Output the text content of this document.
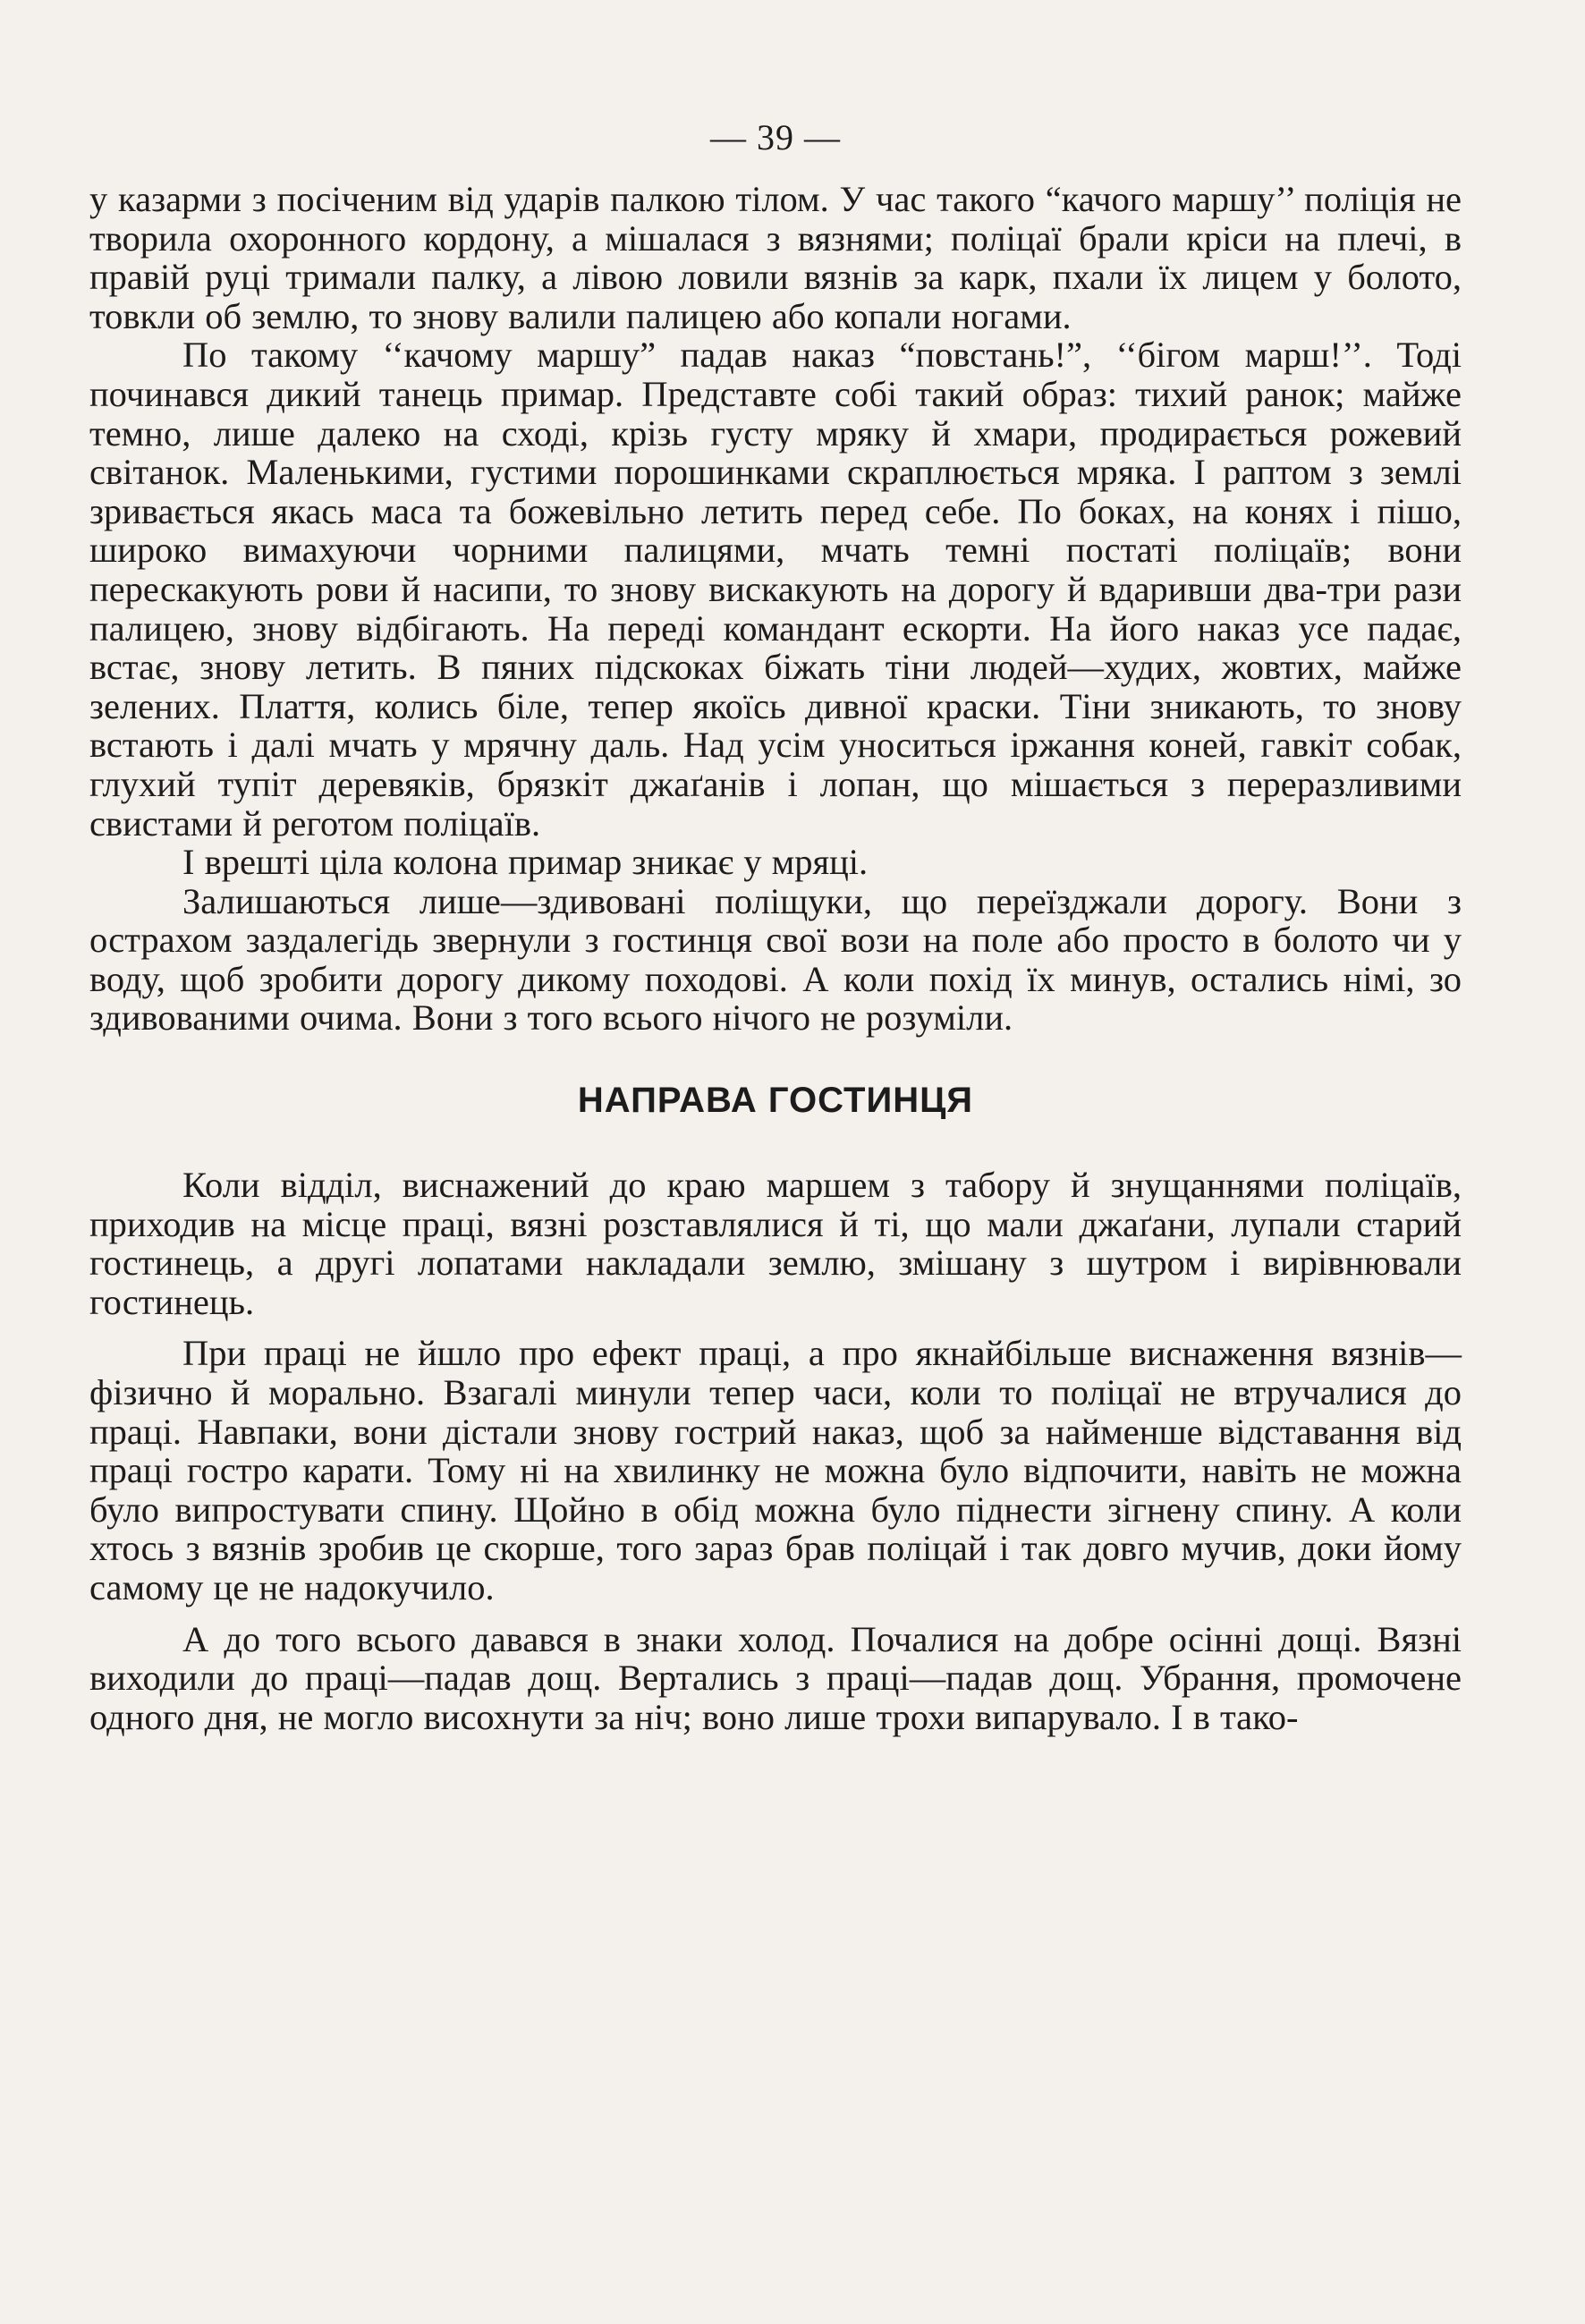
— 39 —

у казарми з посіченим від ударів палкою тілом. У час такого “качого маршу’’ поліція не творила охоронного кордону, а мішалася з вязнями; поліцаї брали кріси на плечі, в правій руці тримали палку, а лівою ловили вязнів за карк, пхали їх лицем у болото, товкли об землю, то знову валили палицею або копали ногами.

По такому ‘‘качому маршу” падав наказ “повстань!”, ‘‘бігом марш!’’. Тоді починався дикий танець примар. Представте собі такий образ: тихий ранок; майже темно, лише далеко на сході, крізь густу мряку й хмари, продирається рожевий світанок. Маленькими, густими порошинками скраплюється мряка. І раптом з землі зривається якась маса та божевільно летить перед себе. По боках, на конях і пішо, широко вимахуючи чорними палицями, мчать темні постаті поліцаїв; вони перескакують рови й насипи, то знову вискакують на дорогу й вдаривши два-три рази палицею, знову відбігають. На переді командант ескорти. На його наказ усе падає, встає, знову летить. В пяних підскоках біжать тіни людей—худих, жовтих, майже зелених. Плаття, колись біле, тепер якоїсь дивної краски. Тіни зникають, то знову встають і далі мчать у мрячну даль. Над усім уноситься іржання коней, гавкіт собак, глухий тупіт деревяків, брязкіт джаґанів і лопан, що мішається з переразливими свистами й реготом поліцаїв.

І врешті ціла колона примар зникає у мряці.

Залишаються лише—здивовані поліщуки, що переїзджали дорогу. Вони з острахом заздалегідь звернули з гостинця свої вози на поле або просто в болото чи у воду, щоб зробити дорогу дикому походові. А коли похід їх минув, остались німі, зо здивованими очима. Вони з того всього нічого не розуміли.

НАПРАВА ГОСТИНЦЯ

Коли відділ, виснажений до краю маршем з табору й знущаннями поліцаїв, приходив на місце праці, вязні розставлялися й ті, що мали джаґани, лупали старий гостинець, а другі лопатами накладали землю, змішану з шутром і вирівнювали гостинець.

При праці не йшло про ефект праці, а про якнайбільше виснаження вязнів—фізично й морально. Взагалі минули тепер часи, коли то поліцаї не втручалися до праці. Навпаки, вони дістали знову гострий наказ, щоб за найменше відставання від праці гостро карати. Тому ні на хвилинку не можна було відпочити, навіть не можна було випростувати спину. Щойно в обід можна було піднести зігнену спину. А коли хтось з вязнів зробив це скорше, того зараз брав поліцай і так довго мучив, доки йому самому це не надокучило.

А до того всього давався в знаки холод. Почалися на добре осінні дощі. Вязні виходили до праці—падав дощ. Вертались з праці—падав дощ. Убрання, промочене одного дня, не могло висохнути за ніч; воно лише трохи випарувало. І в тако-
